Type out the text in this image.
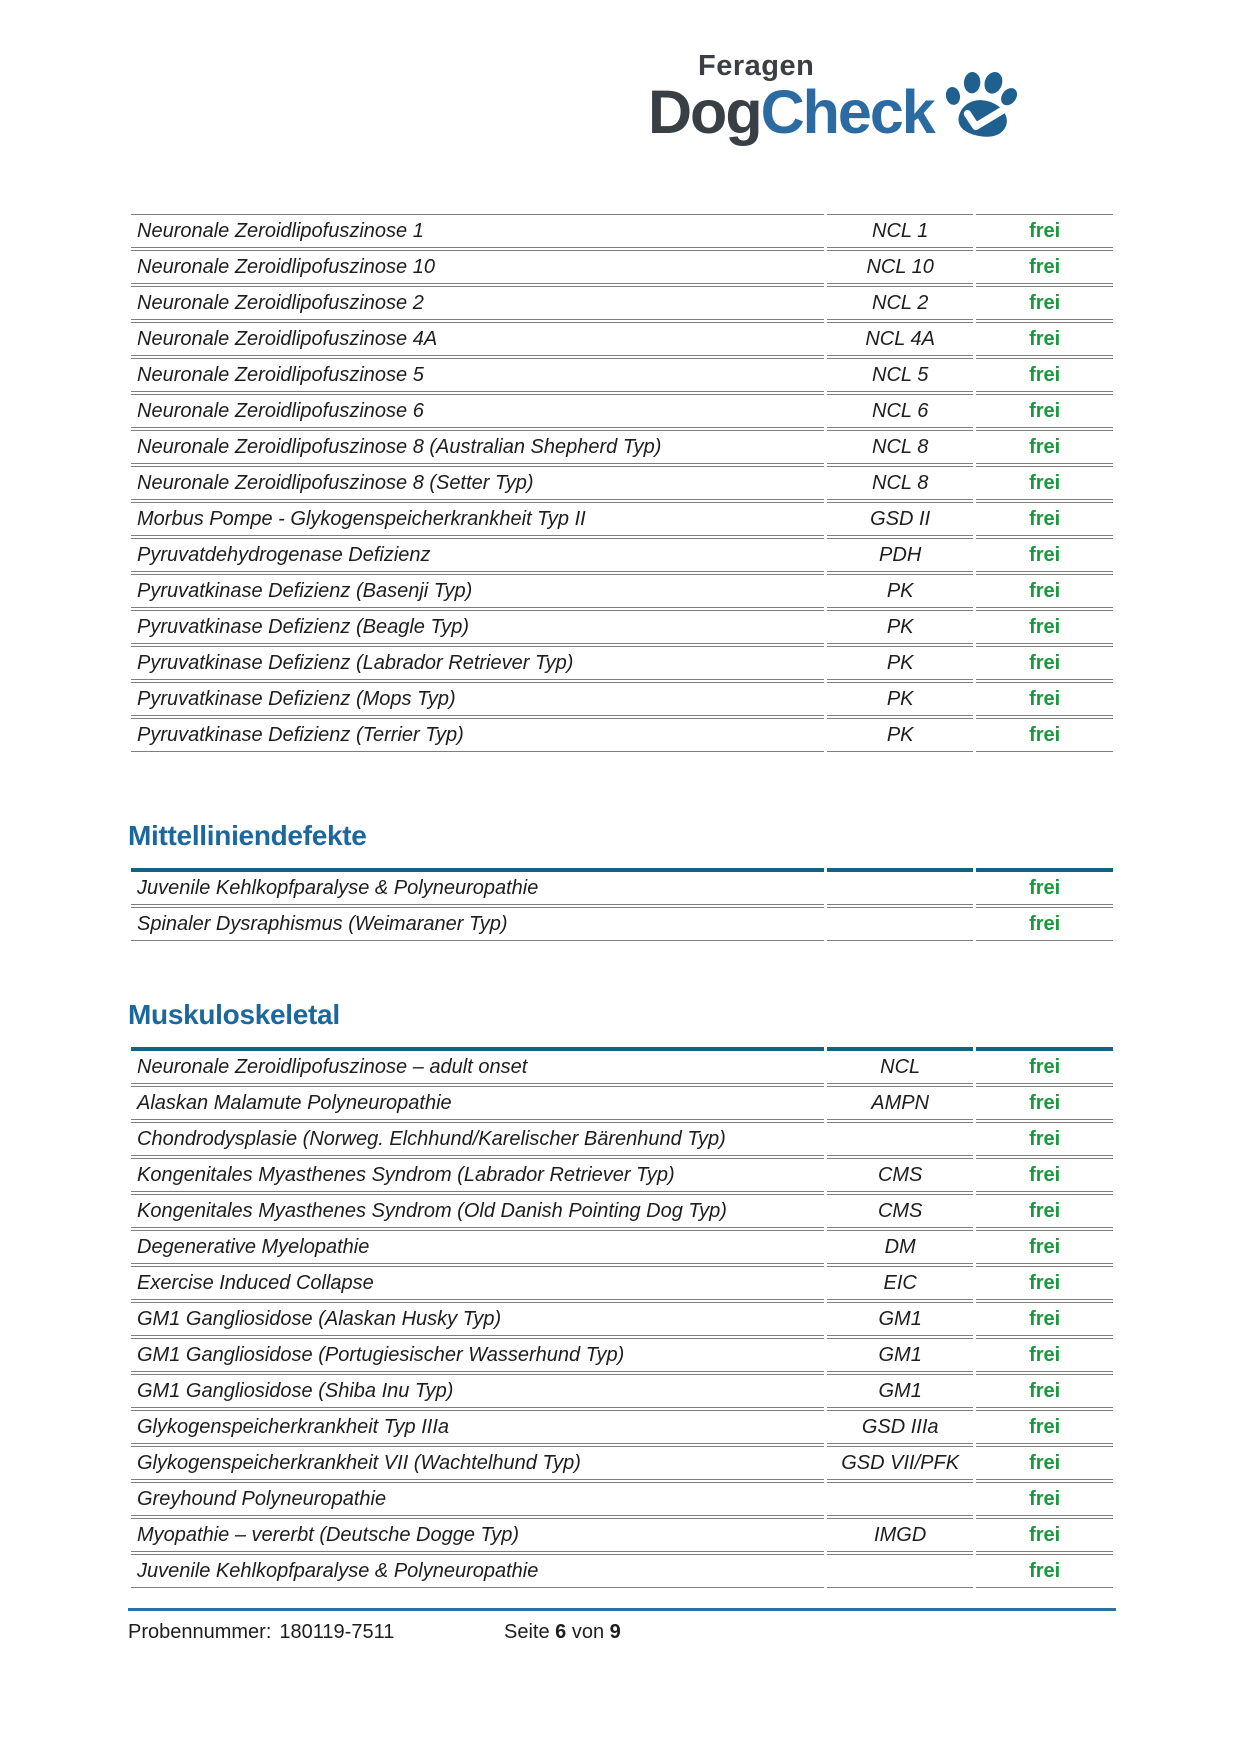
Feragen
Dog Check
Neuronale Zeroidlipofuszinose 1	NCL 1	frei
Neuronale Zeroidlipofuszinose 10	NCL 10	frei
Neuronale Zeroidlipofuszinose 2	NCL 2	frei
Neuronale Zeroidlipofuszinose 4A	NCL 4A	frei
Neuronale Zeroidlipofuszinose 5	NCL 5	frei
Neuronale Zeroidlipofuszinose 6	NCL 6	frei
Neuronale Zeroidlipofuszinose 8 (Australian Shepherd Typ)	NCL 8	frei
Neuronale Zeroidlipofuszinose 8 (Setter Typ)	NCL 8	frei
Morbus Pompe - Glykogenspeicherkrankheit Typ II	GSD II	frei
Pyruvatdehydrogenase Defizienz	PDH	frei
Pyruvatkinase Defizienz (Basenji Typ)	PK	frei
Pyruvatkinase Defizienz (Beagle Typ)	PK	frei
Pyruvatkinase Defizienz (Labrador Retriever Typ)	PK	frei
Pyruvatkinase Defizienz (Mops Typ)	PK	frei
Pyruvatkinase Defizienz (Terrier Typ)	PK	frei
Mittelliniendefekte
Juvenile Kehlkopfparalyse & Polyneuropathie		frei
Spinaler Dysraphismus (Weimaraner Typ)		frei
Muskuloskeletal
Neuronale Zeroidlipofuszinose – adult onset	NCL	frei
Alaskan Malamute Polyneuropathie	AMPN	frei
Chondrodysplasie (Norweg. Elchhund/Karelischer Bärenhund Typ)		frei
Kongenitales Myasthenes Syndrom (Labrador Retriever Typ)	CMS	frei
Kongenitales Myasthenes Syndrom (Old Danish Pointing Dog Typ)	CMS	frei
Degenerative Myelopathie	DM	frei
Exercise Induced Collapse	EIC	frei
GM1 Gangliosidose (Alaskan Husky Typ)	GM1	frei
GM1 Gangliosidose (Portugiesischer Wasserhund Typ)	GM1	frei
GM1 Gangliosidose (Shiba Inu Typ)	GM1	frei
Glykogenspeicherkrankheit Typ IIIa	GSD IIIa	frei
Glykogenspeicherkrankheit VII (Wachtelhund Typ)	GSD VII/PFK	frei
Greyhound Polyneuropathie		frei
Myopathie – vererbt (Deutsche Dogge Typ)	IMGD	frei
Juvenile Kehlkopfparalyse & Polyneuropathie		frei
Probennummer: 180119-7511	Seite 6 von 9
